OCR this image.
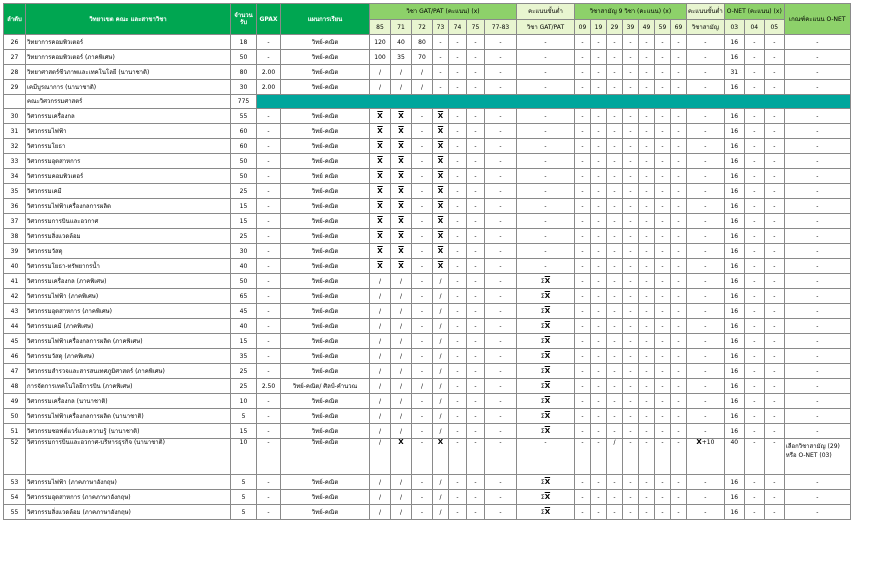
ลำดับ	วิทยาเขต คณะ และสาขาวิชา	จำนวนรับ	GPAX	แผนการเรียน	วิชา GAT/PAT (คะแนน) (x)							คะแนนขั้นต่ำ	วิชาสามัญ 9 วิชา (คะแนน) (x)							คะแนนขั้นต่ำ	O-NET (คะแนน) (x)			เกณฑ์คะแนน O-NET
					85	71	72	73	74	75	77-83	วิชา GAT/PAT	09	19	29	39	49	59	69	วิชาสามัญ	03	04	05	
26	วิทยาการคอมพิวเตอร์	18	-	วิทย์-คณิต	120	40	80	-	-	-	-	-	-	-	-	-	-	-	-	-	16	-	-	-
27	วิทยาการคอมพิวเตอร์ (ภาคพิเศษ)	50	-	วิทย์-คณิต	100	35	70	-	-	-	-	-	-	-	-	-	-	-	-	-	16	-	-	-
28	วิทยาศาสตร์ชีวภาพและเทคโนโลยี (นานาชาติ)	80	2.00	วิทย์-คณิต	/	/	/	-	-	-	-	-	-	-	-	-	-	-	-	-	31	-	-	-
29	เคมีบูรณาการ (นานาชาติ)	30	2.00	วิทย์-คณิต	/	/	/	-	-	-	-	-	-	-	-	-	-	-	-	-	16	-	-	-
	คณะวิศวกรรมศาสตร์	775																						
30	วิศวกรรมเครื่องกล	55	-	วิทย์-คณิต	$\overline{X}$	$\overline{X}$	-	$\overline{X}$	-	-	-	-	-	-	-	-	-	-	-	-	16	-	-	-
31	วิศวกรรมไฟฟ้า	60	-	วิทย์-คณิต	$\overline{X}$	$\overline{X}$	-	$\overline{X}$	-	-	-	-	-	-	-	-	-	-	-	-	16	-	-	-
32	วิศวกรรมโยธา	60	-	วิทย์-คณิต	$\overline{X}$	$\overline{X}$	-	$\overline{X}$	-	-	-	-	-	-	-	-	-	-	-	-	16	-	-	-
33	วิศวกรรมอุตสาหการ	50	-	วิทย์-คณิต	$\overline{X}$	$\overline{X}$	-	$\overline{X}$	-	-	-	-	-	-	-	-	-	-	-	-	16	-	-	-
34	วิศวกรรมคอมพิวเตอร์	50	-	วิทย์ คณิต	$\overline{X}$	$\overline{X}$	-	$\overline{X}$	-	-	-	-	-	-	-	-	-	-	-	-	16	-	-	-
35	วิศวกรรมเคมี	25	-	วิทย์-คณิต	$\overline{X}$	$\overline{X}$	-	$\overline{X}$	-	-	-	-	-	-	-	-	-	-	-	-	16	-	-	-
36	วิศวกรรมไฟฟ้าเครื่องกลการผลิต	15	-	วิทย์-คณิต	$\overline{X}$	$\overline{X}$	-	$\overline{X}$	-	-	-	-	-	-	-	-	-	-	-	-	16	-	-	-
37	วิศวกรรมการบินและอวกาศ	15	-	วิทย์-คณิต	$\overline{X}$	$\overline{X}$	-	$\overline{X}$	-	-	-	-	-	-	-	-	-	-	-	-	16	-	-	-
38	วิศวกรรมสิ่งแวดล้อม	25	-	วิทย์-คณิต	$\overline{X}$	$\overline{X}$	-	$\overline{X}$	-	-	-	-	-	-	-	-	-	-	-	-	16	-	-	-
39	วิศวกรรมวัสดุ	30	-	วิทย์-คณิต	$\overline{X}$	$\overline{X}$	-	$\overline{X}$	-	-	-	-	-	-	-	-	-	-	-	-	16	-	-	-
40	วิศวกรรมโยธา-ทรัพยากรน้ำ	40	-	วิทย์-คณิต	$\overline{X}$	$\overline{X}$	-	$\overline{X}$	-	-	-	-	-	-	-	-	-	-	-	-	16	-	-	-
41	วิศวกรรมเครื่องกล (ภาคพิเศษ)	50	-	วิทย์-คณิต	/	/	-	/	-	-	-	$\Sigma\overline{X}$	-	-	-	-	-	-	-	-	16	-	-	-
42	วิศวกรรมไฟฟ้า (ภาคพิเศษ)	65	-	วิทย์-คณิต	/	/	-	/	-	-	-	$\Sigma\overline{X}$	-	-	-	-	-	-	-	-	16	-	-	-
43	วิศวกรรมอุตสาหการ (ภาคพิเศษ)	45	-	วิทย์-คณิต	/	/	-	/	-	-	-	$\Sigma\overline{X}$	-	-	-	-	-	-	-	-	16	-	-	-
44	วิศวกรรมเคมี (ภาคพิเศษ)	40	-	วิทย์-คณิต	/	/	-	/	-	-	-	$\Sigma\overline{X}$	-	-	-	-	-	-	-	-	16	-	-	-
45	วิศวกรรมไฟฟ้าเครื่องกลการผลิต (ภาคพิเศษ)	15	-	วิทย์-คณิต	/	/	-	/	-	-	-	$\Sigma\overline{X}$	-	-	-	-	-	-	-	-	16	-	-	-
46	วิศวกรรมวัสดุ (ภาคพิเศษ)	35	-	วิทย์-คณิต	/	/	-	/	-	-	-	$\Sigma\overline{X}$	-	-	-	-	-	-	-	-	16	-	-	-
47	วิศวกรรมสำรวจและสารสนเทศภูมิศาสตร์ (ภาคพิเศษ)	25	-	วิทย์-คณิต	/	/	-	/	-	-	-	$\Sigma\overline{X}$	-	-	-	-	-	-	-	-	16	-	-	-
48	การจัดการเทคโนโลยีการบิน (ภาคพิเศษ)	25	2.50	วิทย์-คณิต/ ศิลป์-คำนวณ	/	/	/	/	-	-	-	$\Sigma\overline{X}$	-	-	-	-	-	-	-	-	16	-	-	-
49	วิศวกรรมเครื่องกล (นานาชาติ)	10	-	วิทย์-คณิต	/	/	-	/	-	-	-	$\Sigma\overline{X}$	-	-	-	-	-	-	-	-	16	-	-	-
50	วิศวกรรมไฟฟ้าเครื่องกลการผลิต (นานาชาติ)	5	-	วิทย์-คณิต	/	/	-	/	-	-	-	$\Sigma\overline{X}$	-	-	-	-	-	-	-	-	16	-	-	-
51	วิศวกรรมซอฟต์แวร์และความรู้ (นานาชาติ)	15	-	วิทย์-คณิต	/	/	-	/	-	-	-	$\Sigma\overline{X}$	-	-	-	-	-	-	-	-	16	-	-	-
52	วิศวกรรมการบินและอวกาศ-บริหารธุรกิจ (นานาชาติ)	10	-	วิทย์-คณิต	/	$\overline{X}$	-	$\overline{X}$	-	-	-	-	-	-	/	-	-	-	-	$\overline{X}+10$	40	-	-	เลือกวิชาสามัญ (29) หรือ O-NET (03)
53	วิศวกรรมไฟฟ้า (ภาคภาษาอังกฤษ)	5	-	วิทย์-คณิต	/	/	-	/	-	-	-	$\Sigma\overline{X}$	-	-	-	-	-	-	-	-	16	-	-	-
54	วิศวกรรมอุตสาหการ (ภาคภาษาอังกฤษ)	5	-	วิทย์-คณิต	/	/	-	/	-	-	-	$\Sigma\overline{X}$	-	-	-	-	-	-	-	-	16	-	-	-
55	วิศวกรรมสิ่งแวดล้อม (ภาคภาษาอังกฤษ)	5	-	วิทย์-คณิต	/	/	-	/	-	-	-	$\Sigma\overline{X}$	-	-	-	-	-	-	-	-	16	-	-	-
